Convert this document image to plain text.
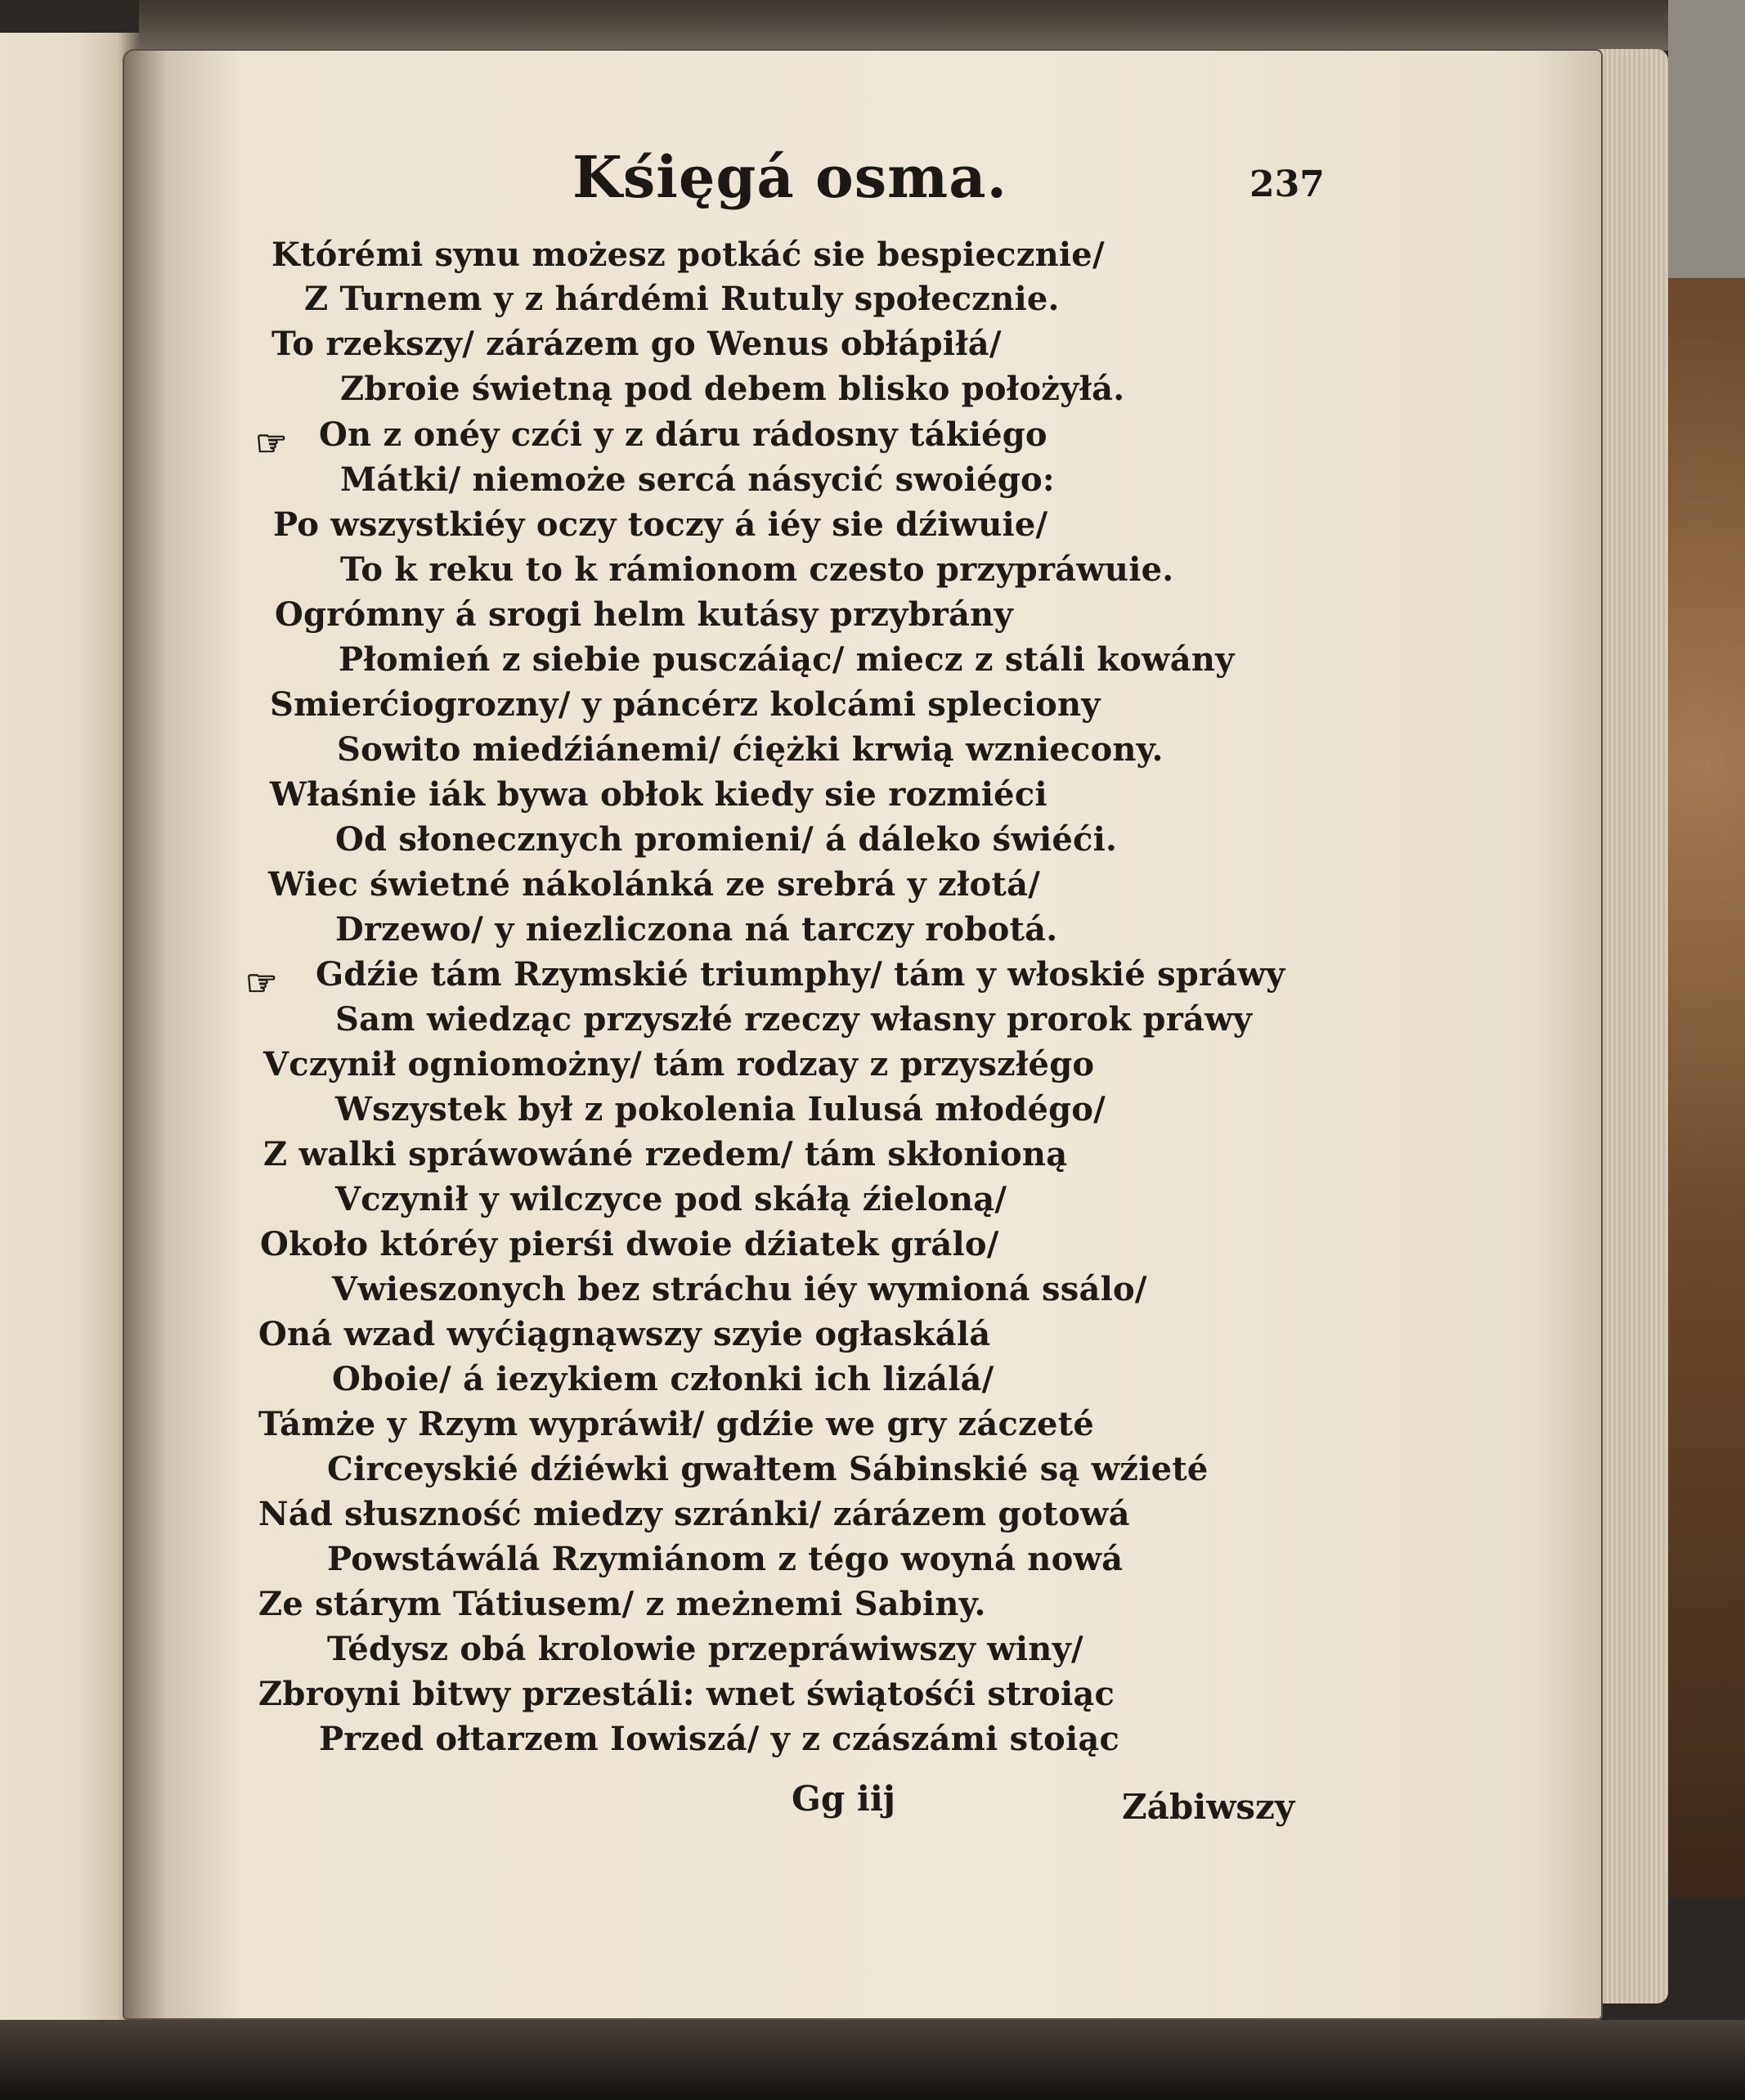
Kśięgá osma.	237
☞
☞
Którémi synu możesz potkáć sie bespiecznie/
Z Turnem y z hárdémi Rutuly społecznie.
To rzekszy/ zárázem go Wenus obłápiłá/
Zbroie świetną pod debem blisko położyłá.
On z onéy czći y z dáru rádosny tákiégo
Mátki/ niemoże sercá násycić swoiégo:
Po wszystkiéy oczy toczy á iéy sie dźiwuie/
To k reku to k rámionom czesto przypráwuie.
Ogrómny á srogi helm kutásy przybrány
Płomień z siebie pusczáiąc/ miecz z stáli kowány
Smierćiogrozny/ y páncérz kolcámi spleciony
Sowito miedźiánemi/ ćiężki krwią wzniecony.
Właśnie iák bywa obłok kiedy sie rozmiéci
Od słonecznych promieni/ á dáleko świéći.
Wiec świetné nákolánká ze srebrá y złotá/
Drzewo/ y niezliczona ná tarczy robotá.
Gdźie tám Rzymskié triumphy/ tám y włoskié spráwy
Sam wiedząc przyszłé rzeczy własny prorok práwy
Vczynił ogniomożny/ tám rodzay z przyszłégo
Wszystek był z pokolenia Iulusá młodégo/
Z walki spráwowáné rzedem/ tám skłonioną
Vczynił y wilczyce pod skáłą źieloną/
Około któréy pierśi dwoie dźiatek grálo/
Vwieszonych bez stráchu iéy wymioná ssálo/
Oná wzad wyćiągnąwszy szyie ogłaskálá
Oboie/ á iezykiem członki ich lizálá/
Támże y Rzym wypráwił/ gdźie we gry záczeté
Circeyskié dźiéwki gwałtem Sábinskié są wźieté
Nád słuszność miedzy szránki/ zárázem gotowá
Powstáwálá Rzymiánom z tégo woyná nowá
Ze stárym Tátiusem/ z meżnemi Sabiny.
Tédysz obá krolowie przepráwiwszy winy/
Zbroyni bitwy przestáli: wnet świątośći stroiąc
Przed ołtarzem Iowiszá/ y z czászámi stoiąc
Gg iij	Zábiwszy
